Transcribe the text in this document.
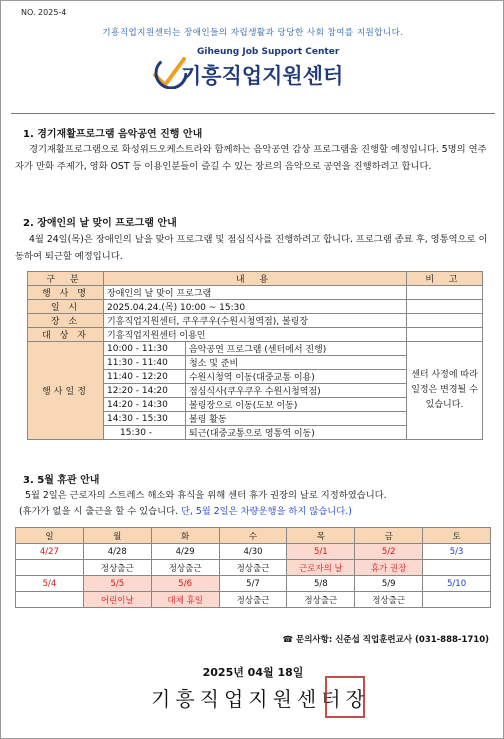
NO. 2025-4
기흥직업지원센터는 장애인들의 자립생활과 당당한 사회 참여를 지원합니다.
Giheung Job Support Center
기흥직업지원센터
1. 경기재활프로그램 음악공연 진행 안내
경기재활프로그램으로 화성위드오케스트라와 함께하는 음악공연 감상 프로그램을 진행할 예정입니다. 5명의 연주자가 만화 주제가, 영화 OST 등 이용인분들이 즐길 수 있는 장르의 음악으로 공연을 진행하려고 합니다.
2. 장애인의 날 맞이 프로그램 안내
4월 24일(목)은 장애인의 날을 맞아 프로그램 및 점심식사를 진행하려고 합니다. 프로그램 종료 후, 영통역으로 이동하여 퇴근할 예정입니다.
구 분	내 용		비 고
행 사 명	장애인의 날 맞이 프로그램		
일 시	2025.04.24.(목) 10:00 ~ 15:30		
장 소	기흥직업지원센터, 쿠우쿠우(수원시청역점), 볼링장		
대 상 자	기흥직업지원센터 이용인		
행사일정	10:00 - 11:30	음악공연 프로그램 (센터에서 진행)	센터 사정에 따라 일정은 변경될 수 있습니다.
	11:30 - 11:40	청소 및 준비	
	11:40 - 12:20	수원시청역 이동(대중교통 이용)	
	12:20 - 14:20	점심식사(쿠우쿠우 수원시청역점)	
	14:20 - 14:30	볼링장으로 이동(도보 이동)	
	14:30 - 15:30	볼링 활동	
	15:30 -	퇴근(대중교통으로 영통역 이동)	
3. 5월 휴관 안내
5월 2일은 근로자의 스트레스 해소와 휴식을 위해 센터 휴가 권장의 날로 지정하였습니다.
(휴가가 없을 시 출근을 할 수 있습니다. 단, 5월 2일은 차량운행을 하지 않습니다.)
일	월	화	수	목	금	토
4/27	4/28	4/29	4/30	5/1	5/2	5/3
	정상출근	정상출근	정상출근	근로자의 날	휴가 권장	
5/4	5/5	5/6	5/7	5/8	5/9	5/10
	어린이날	대체 휴일	정상출근	정상출근	정상출근	
☎ 문의사항: 신준섭 직업훈련교사 (031-888-1710)
2025년 04월 18일
기흥직업지원센터장
